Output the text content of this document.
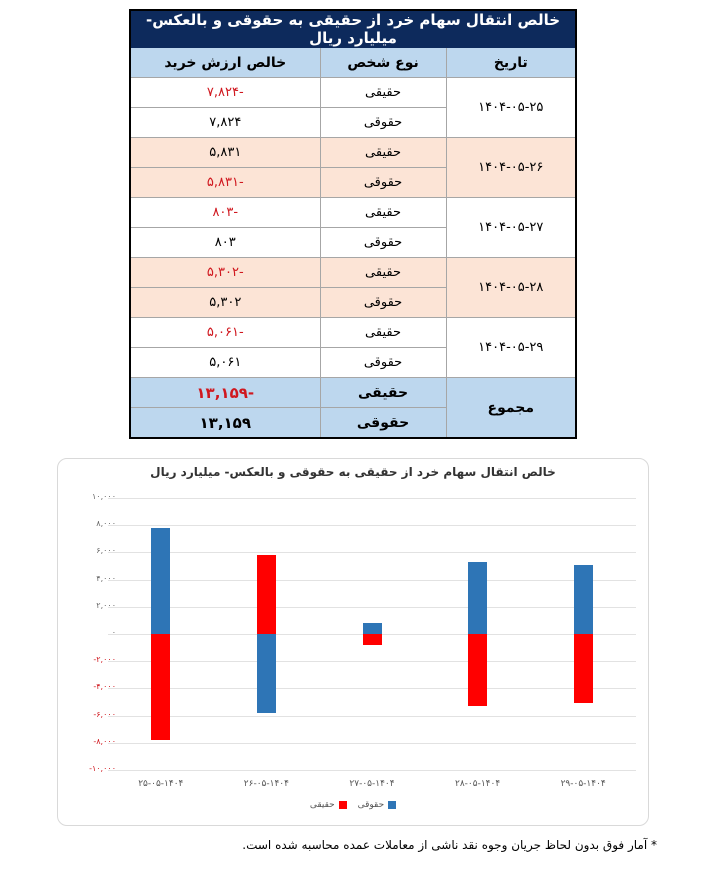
خالص انتقال سهام خرد از حقیقی به حقوقی و بالعکس- میلیارد ریال		
تاریخ	نوع شخص	خالص ارزش خرید
۱۴۰۴-۰۵-۲۵	حقیقی	-۷,۸۲۴
	حقوقی	۷,۸۲۴
۱۴۰۴-۰۵-۲۶	حقیقی	۵,۸۳۱
	حقوقی	-۵,۸۳۱
۱۴۰۴-۰۵-۲۷	حقیقی	-۸۰۳
	حقوقی	۸۰۳
۱۴۰۴-۰۵-۲۸	حقیقی	-۵,۳۰۲
	حقوقی	۵,۳۰۲
۱۴۰۴-۰۵-۲۹	حقیقی	-۵,۰۶۱
	حقوقی	۵,۰۶۱
مجموع	حقیقی	-۱۳,۱۵۹
	حقوقی	۱۳,۱۵۹
خالص انتقال سهام خرد از حقیقی به حقوقی و بالعکس- میلیارد ریال
۱۰,۰۰۰
۸,۰۰۰
۶,۰۰۰
۴,۰۰۰
۲,۰۰۰
۰
-۲,۰۰۰
-۴,۰۰۰
-۶,۰۰۰
-۸,۰۰۰
-۱۰,۰۰۰
۲۵-۰۵-۱۴۰۴	۲۶-۰۵-۱۴۰۴	۲۷-۰۵-۱۴۰۴	۲۸-۰۵-۱۴۰۴	۲۹-۰۵-۱۴۰۴
حقوقی

حقیقی
* آمار فوق بدون لحاظ جریان وجوه نقد ناشی از معاملات عمده محاسبه شده است.
